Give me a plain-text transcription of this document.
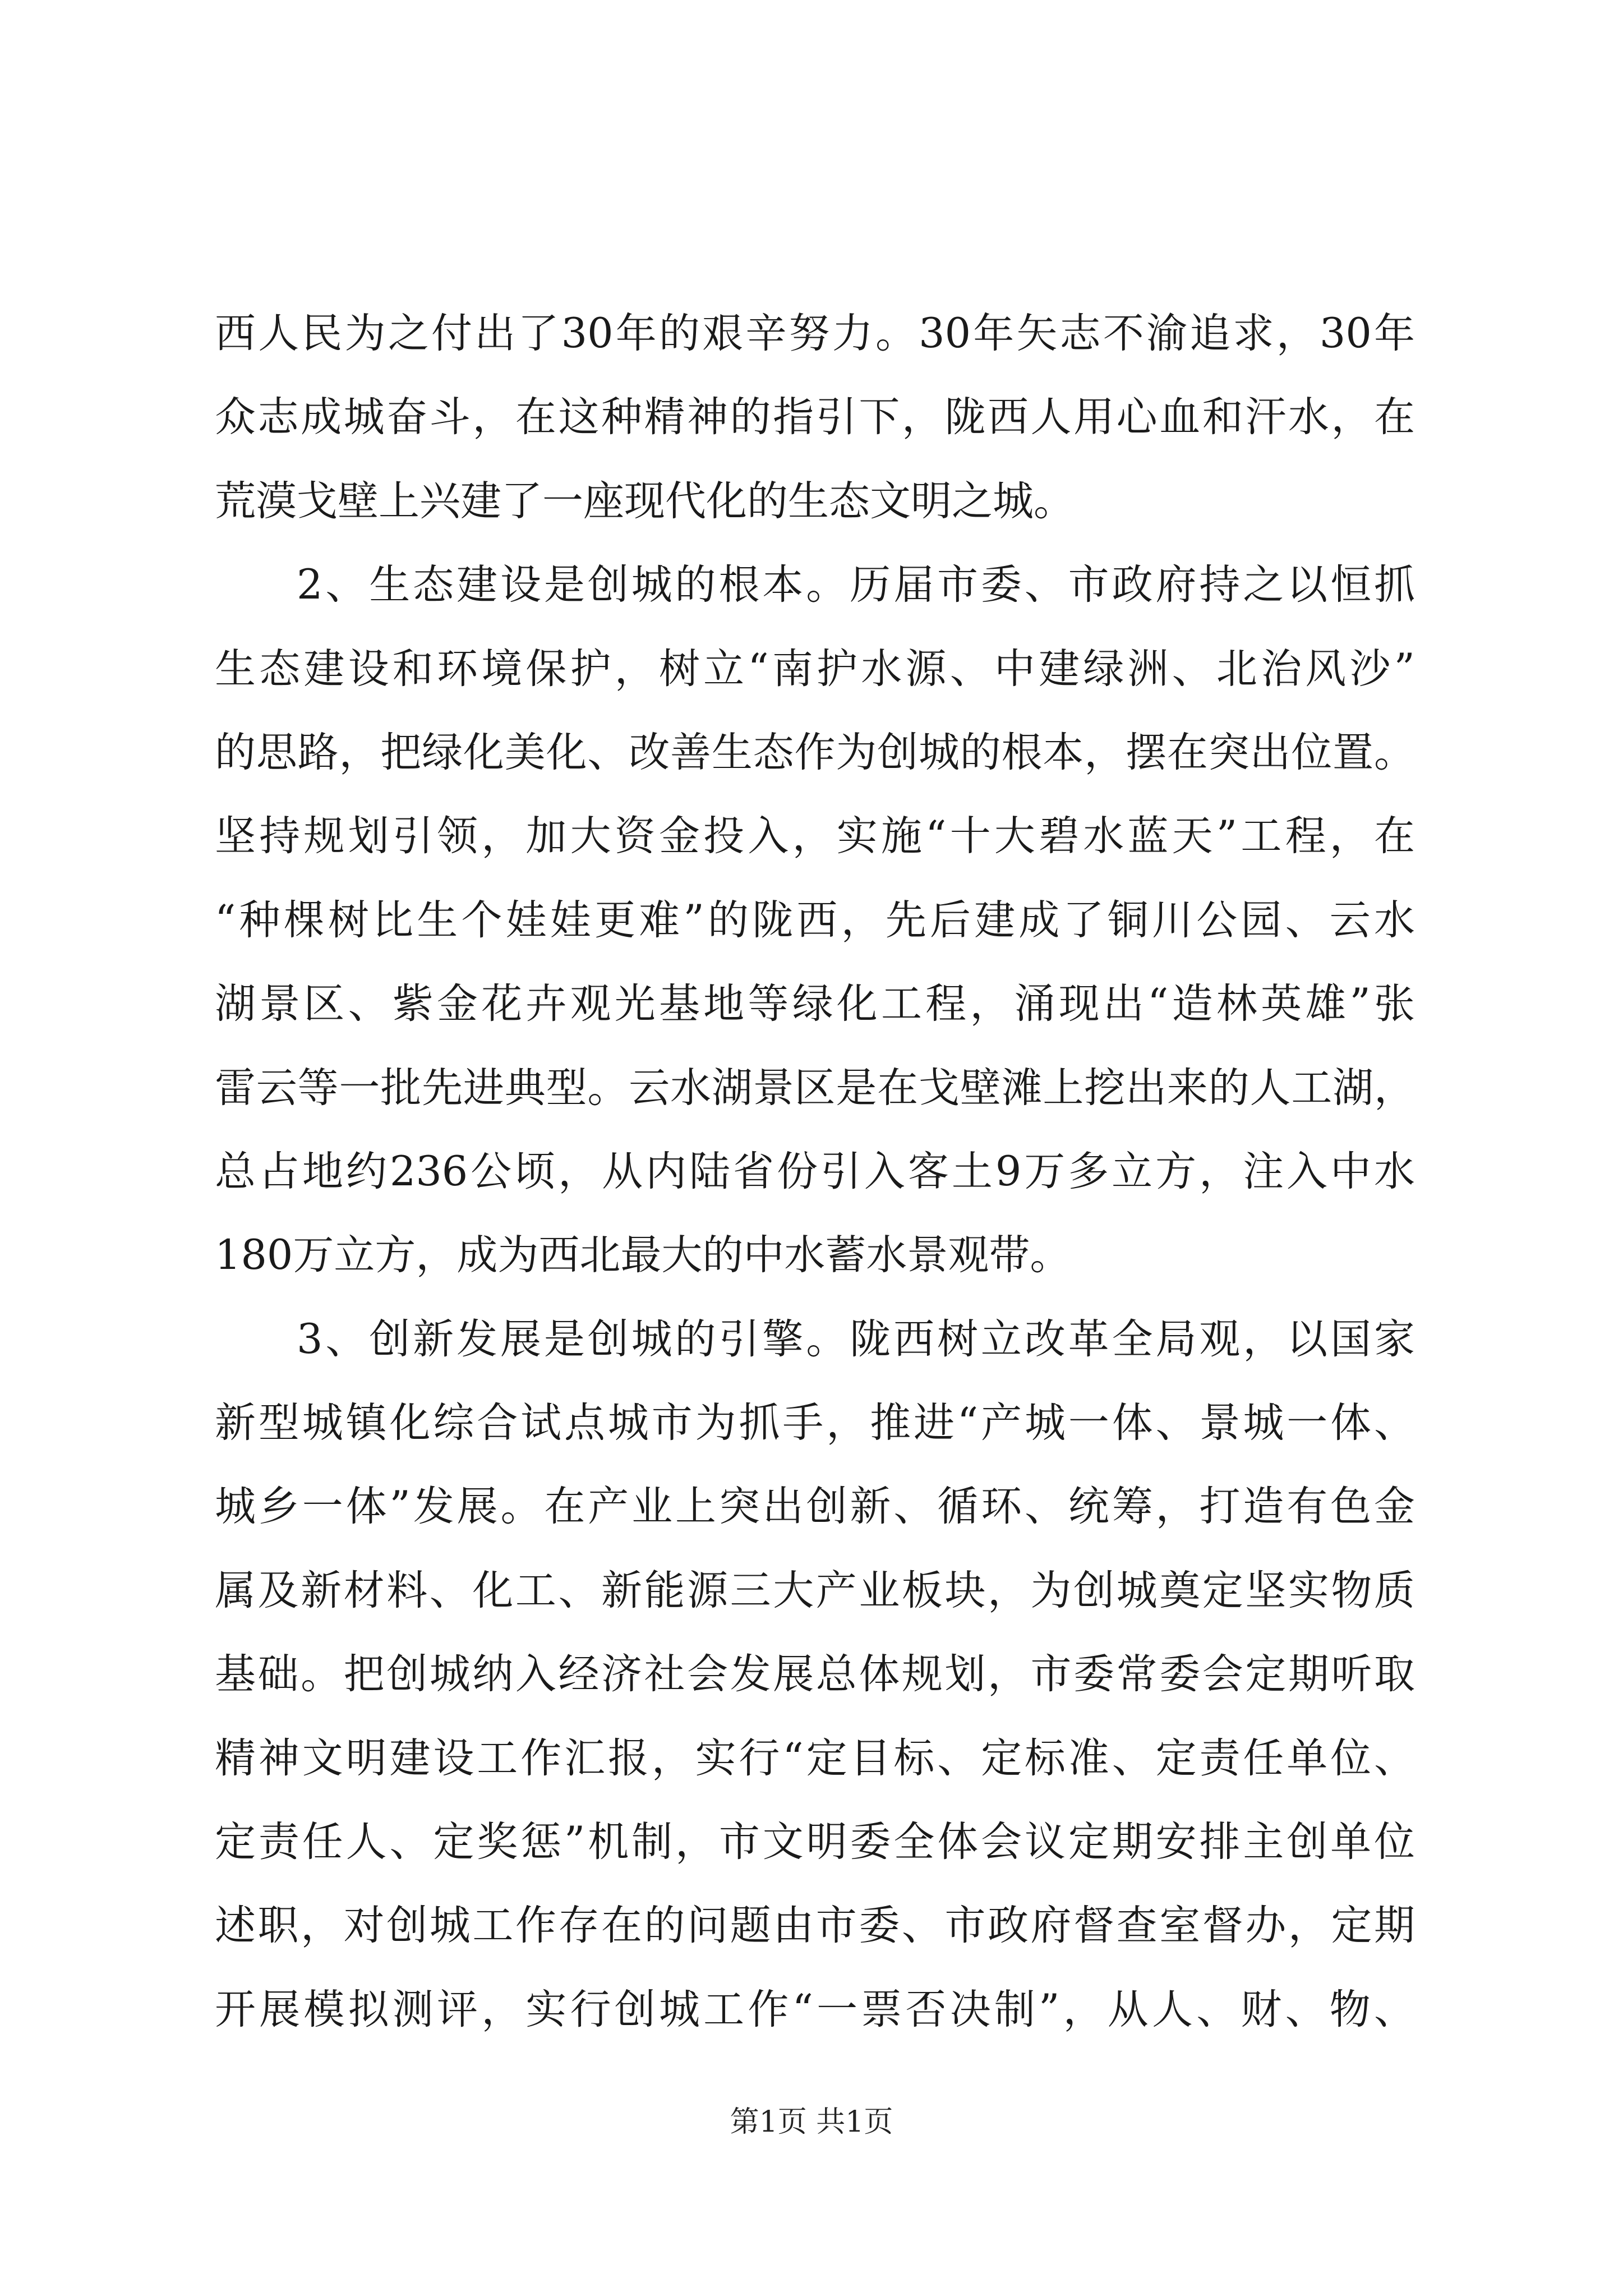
西人民为之付出了30年的艰辛努力。30年矢志不渝追求，30年
众志成城奋斗，在这种精神的指引下，陇西人用心血和汗水，在
荒漠戈壁上兴建了一座现代化的生态文明之城。
2、生态建设是创城的根本。历届市委、市政府持之以恒抓
生态建设和环境保护，树立“南护水源、中建绿洲、北治风沙”
的思路，把绿化美化、改善生态作为创城的根本，摆在突出位置。
坚持规划引领，加大资金投入，实施“十大碧水蓝天”工程，在
“种棵树比生个娃娃更难”的陇西，先后建成了铜川公园、云水
湖景区、紫金花卉观光基地等绿化工程，涌现出“造林英雄”张
雷云等一批先进典型。云水湖景区是在戈壁滩上挖出来的人工湖，
总占地约236公顷，从内陆省份引入客土9万多立方，注入中水
180万立方，成为西北最大的中水蓄水景观带。
3、创新发展是创城的引擎。陇西树立改革全局观，以国家
新型城镇化综合试点城市为抓手，推进“产城一体、景城一体、
城乡一体”发展。在产业上突出创新、循环、统筹，打造有色金
属及新材料、化工、新能源三大产业板块，为创城奠定坚实物质
基础。把创城纳入经济社会发展总体规划，市委常委会定期听取
精神文明建设工作汇报，实行“定目标、定标准、定责任单位、
定责任人、定奖惩”机制，市文明委全体会议定期安排主创单位
述职，对创城工作存在的问题由市委、市政府督查室督办，定期
开展模拟测评，实行创城工作“一票否决制”，从人、财、物、
第1页 共1页
